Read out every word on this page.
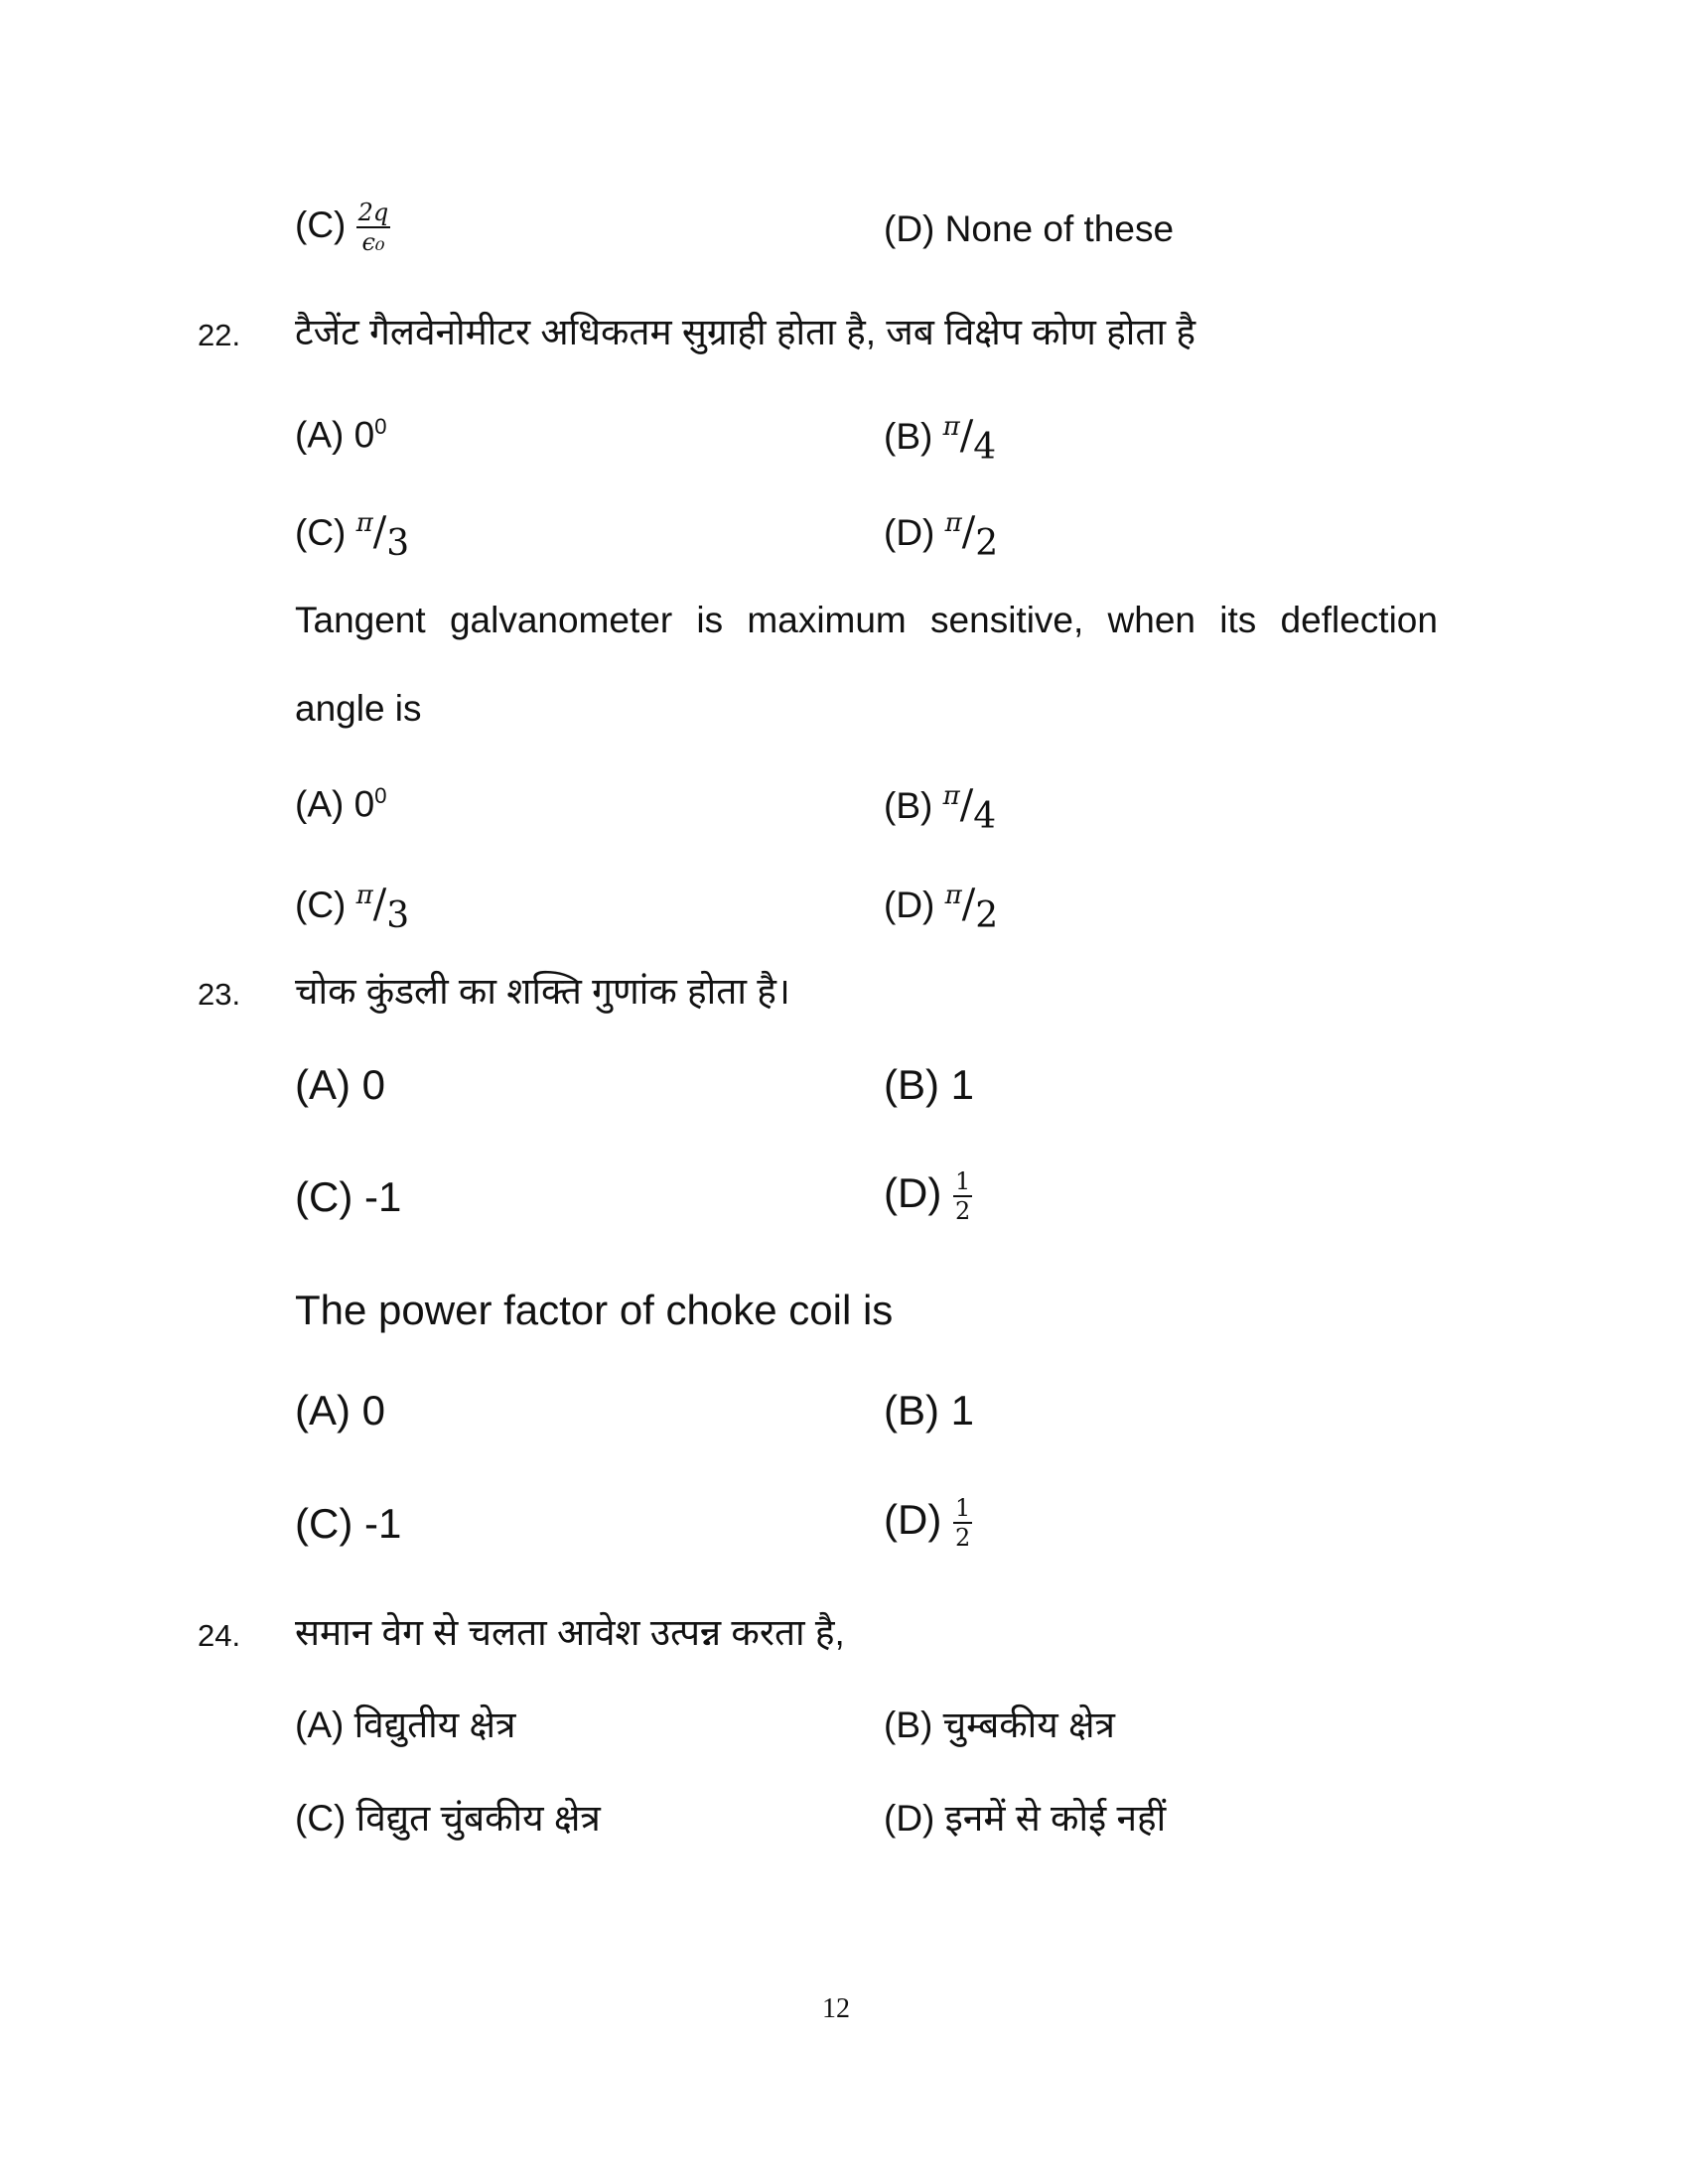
$(C) \frac{2q}{\text{ϵ₀}}$	(D) None of these
22. टैजेंट गैलवेनोमीटर अधिकतम सुग्राही होता है, जब विक्षेप कोण होता है
(A) $0^0$	(B) $^\pi$/4
(C) $^\pi$/3	(D) $^\pi$/2
Tangent galvanometer is maximum sensitive, when its deflection
angle is
(A) $0^0$	(B) $^\pi$/4
(C) $^\pi$/3	(D) $^\pi$/2
23. चोक कुंडली का शक्ति गुणांक होता है।
(A) 0	(B) 1
(C) -1	$(D) \frac{1}{2}$
The power factor of choke coil is
(A) 0	(B) 1
(C) -1	$(D) \frac{1}{2}$
24. समान वेग से चलता आवेश उत्पन्न करता है,
(A) विद्युतीय क्षेत्र	(B) चुम्बकीय क्षेत्र
(C) विद्युत चुंबकीय क्षेत्र	(D) इनमें से कोई नहीं
12
